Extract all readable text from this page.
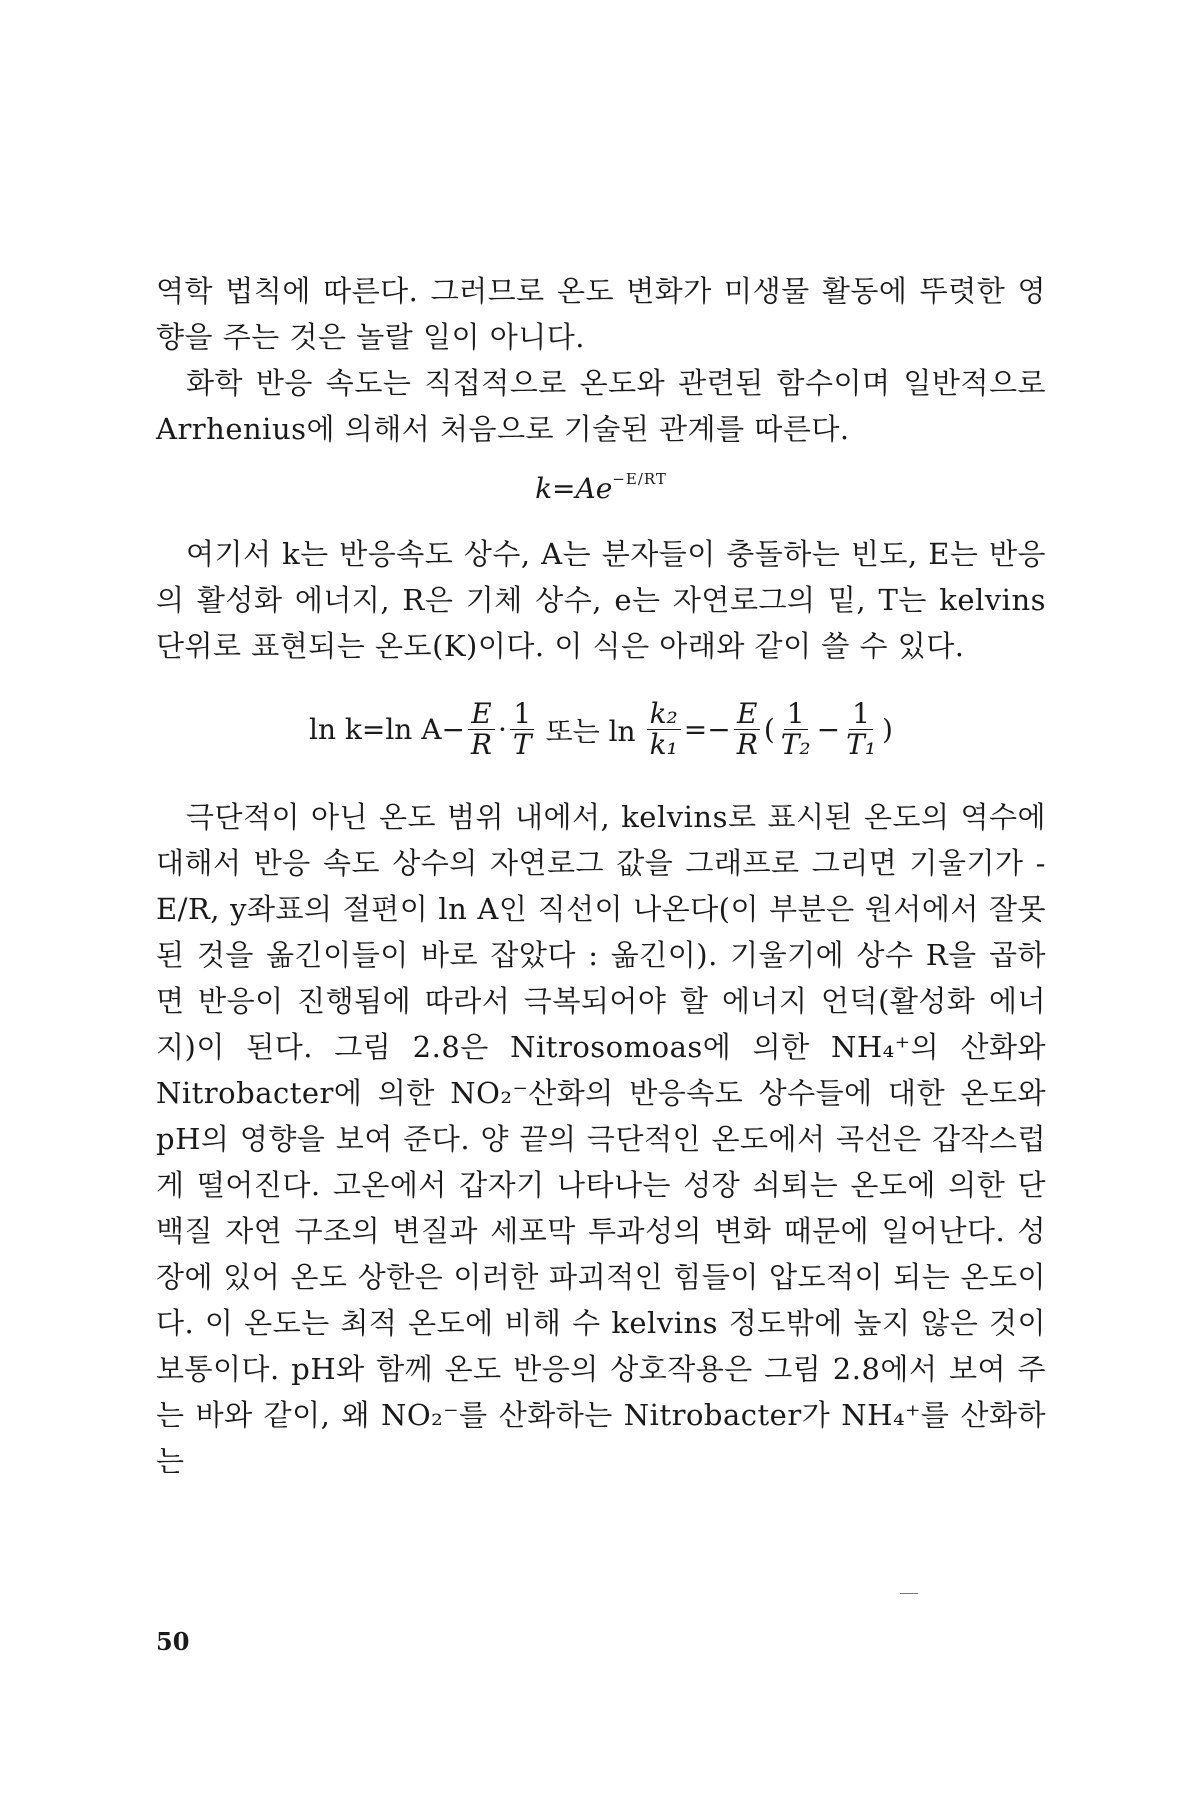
역학 법칙에 따른다. 그러므로 온도 변화가 미생물 활동에 뚜렷한 영향을 주는 것은 놀랄 일이 아니다.

화학 반응 속도는 직접적으로 온도와 관련된 함수이며 일반적으로 Arrhenius에 의해서 처음으로 기술된 관계를 따른다.

$k=Ae^{-E/RT}$

여기서 k는 반응속도 상수, A는 분자들이 충돌하는 빈도, E는 반응의 활성화 에너지, R은 기체 상수, e는 자연로그의 밑, T는 kelvins 단위로 표현되는 온도(K)이다. 이 식은 아래와 같이 쓸 수 있다.

ln k=ln $A- \frac{E}{R} \cdot \frac{1}{T}$ 또는 $\ln \frac{\text{k₂}}{\text{k₁}} =- \frac{E}{R}$ ( $\frac{1}{\text{T₂}} - \frac{1}{\text{T₁}}$ )

극단적이 아닌 온도 범위 내에서, kelvins로 표시된 온도의 역수에 대해서 반응 속도 상수의 자연로그 값을 그래프로 그리면 기울기가 -E/R, y좌표의 절편이 ln A인 직선이 나온다(이 부분은 원서에서 잘못된 것을 옮긴이들이 바로 잡았다 : 옮긴이). 기울기에 상수 R을 곱하면 반응이 진행됨에 따라서 극복되어야 할 에너지 언덕(활성화 에너지)이 된다. 그림 2.8은 Nitrosomoas에 의한 NH₄⁺의 산화와 Nitrobacter에 의한 NO₂⁻산화의 반응속도 상수들에 대한 온도와 pH의 영향을 보여 준다. 양 끝의 극단적인 온도에서 곡선은 갑작스럽게 떨어진다. 고온에서 갑자기 나타나는 성장 쇠퇴는 온도에 의한 단백질 자연 구조의 변질과 세포막 투과성의 변화 때문에 일어난다. 성장에 있어 온도 상한은 이러한 파괴적인 힘들이 압도적이 되는 온도이다. 이 온도는 최적 온도에 비해 수 kelvins 정도밖에 높지 않은 것이 보통이다. pH와 함께 온도 반응의 상호작용은 그림 2.8에서 보여 주는 바와 같이, 왜 NO₂⁻를 산화하는 Nitrobacter가 NH₄⁺를 산화하는

50
